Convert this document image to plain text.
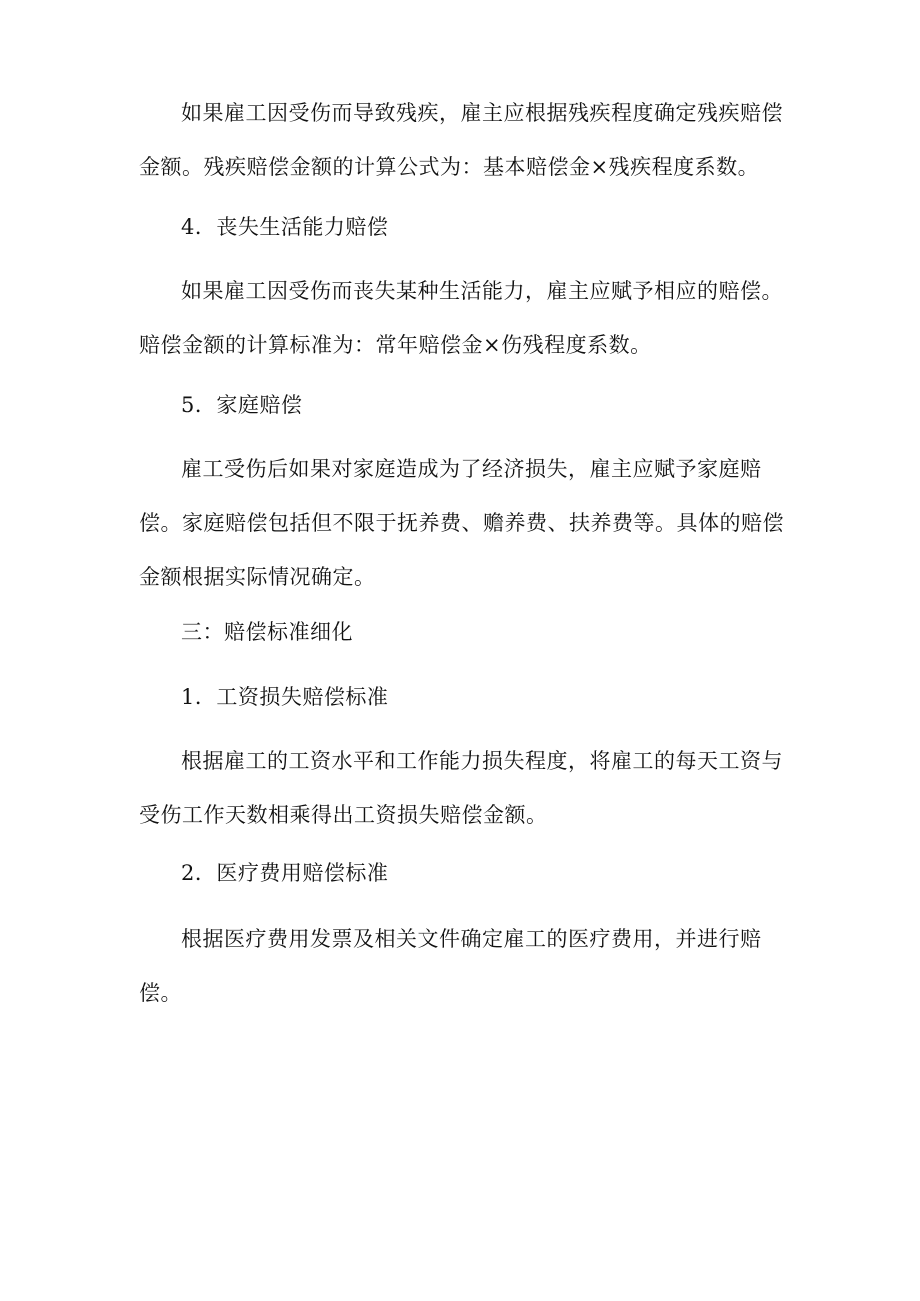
如果雇工因受伤而导致残疾，雇主应根据残疾程度确定残疾赔偿
金额。残疾赔偿金额的计算公式为：基本赔偿金×残疾程度系数。
4．丧失生活能力赔偿
如果雇工因受伤而丧失某种生活能力，雇主应赋予相应的赔偿。
赔偿金额的计算标准为：常年赔偿金×伤残程度系数。
5．家庭赔偿
雇工受伤后如果对家庭造成为了经济损失，雇主应赋予家庭赔
偿。家庭赔偿包括但不限于抚养费、赡养费、扶养费等。具体的赔偿
金额根据实际情况确定。
三：赔偿标准细化
1．工资损失赔偿标准
根据雇工的工资水平和工作能力损失程度，将雇工的每天工资与
受伤工作天数相乘得出工资损失赔偿金额。
2．医疗费用赔偿标准
根据医疗费用发票及相关文件确定雇工的医疗费用，并进行赔
偿。
